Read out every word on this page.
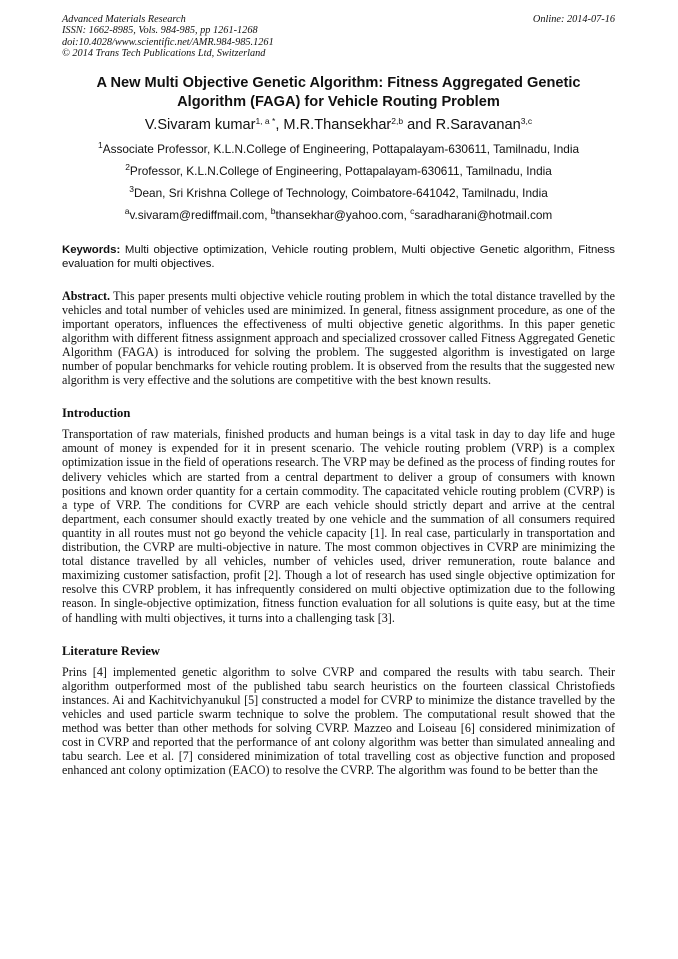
Advanced Materials Research
ISSN: 1662-8985, Vols. 984-985, pp 1261-1268
doi:10.4028/www.scientific.net/AMR.984-985.1261
© 2014 Trans Tech Publications Ltd, Switzerland
Online: 2014-07-16
A New Multi Objective Genetic Algorithm: Fitness Aggregated Genetic Algorithm (FAGA) for Vehicle Routing Problem
V.Sivaram kumar$^{1, a *}$, M.R.Thansekhar$^{2,b}$ and R.Saravanan$^{3,c}$
$^1$Associate Professor, K.L.N.College of Engineering, Pottapalayam-630611, Tamilnadu, India
$^2$Professor, K.L.N.College of Engineering, Pottapalayam-630611, Tamilnadu, India
$^3$Dean, Sri Krishna College of Technology, Coimbatore-641042, Tamilnadu, India
$^a$v.sivaram@rediffmail.com, $^b$thansekhar@yahoo.com, $^c$saradharani@hotmail.com
Keywords: Multi objective optimization, Vehicle routing problem, Multi objective Genetic algorithm, Fitness evaluation for multi objectives.
Abstract. This paper presents multi objective vehicle routing problem in which the total distance travelled by the vehicles and total number of vehicles used are minimized. In general, fitness assignment procedure, as one of the important operators, influences the effectiveness of multi objective genetic algorithms. In this paper genetic algorithm with different fitness assignment approach and specialized crossover called Fitness Aggregated Genetic Algorithm (FAGA) is introduced for solving the problem. The suggested algorithm is investigated on large number of popular benchmarks for vehicle routing problem. It is observed from the results that the suggested new algorithm is very effective and the solutions are competitive with the best known results.
Introduction
Transportation of raw materials, finished products and human beings is a vital task in day to day life and huge amount of money is expended for it in present scenario. The vehicle routing problem (VRP) is a complex optimization issue in the field of operations research. The VRP may be defined as the process of finding routes for delivery vehicles which are started from a central department to deliver a group of consumers with known positions and known order quantity for a certain commodity. The capacitated vehicle routing problem (CVRP) is a type of VRP. The conditions for CVRP are each vehicle should strictly depart and arrive at the central department, each consumer should exactly treated by one vehicle and the summation of all consumers required quantity in all routes must not go beyond the vehicle capacity [1]. In real case, particularly in transportation and distribution, the CVRP are multi-objective in nature. The most common objectives in CVRP are minimizing the total distance travelled by all vehicles, number of vehicles used, driver remuneration, route balance and maximizing customer satisfaction, profit [2]. Though a lot of research has used single objective optimization for resolve this CVRP problem, it has infrequently considered on multi objective optimization due to the following reason. In single-objective optimization, fitness function evaluation for all solutions is quite easy, but at the time of handling with multi objectives, it turns into a challenging task [3].
Literature Review
Prins [4] implemented genetic algorithm to solve CVRP and compared the results with tabu search. Their algorithm outperformed most of the published tabu search heuristics on the fourteen classical Christofieds instances. Ai and Kachitvichyanukul [5] constructed a model for CVRP to minimize the distance travelled by the vehicles and used particle swarm technique to solve the problem. The computational result showed that the method was better than other methods for solving CVRP. Mazzeo and Loiseau [6] considered minimization of cost in CVRP and reported that the performance of ant colony algorithm was better than simulated annealing and tabu search. Lee et al. [7] considered minimization of total travelling cost as objective function and proposed enhanced ant colony optimization (EACO) to resolve the CVRP. The algorithm was found to be better than the
